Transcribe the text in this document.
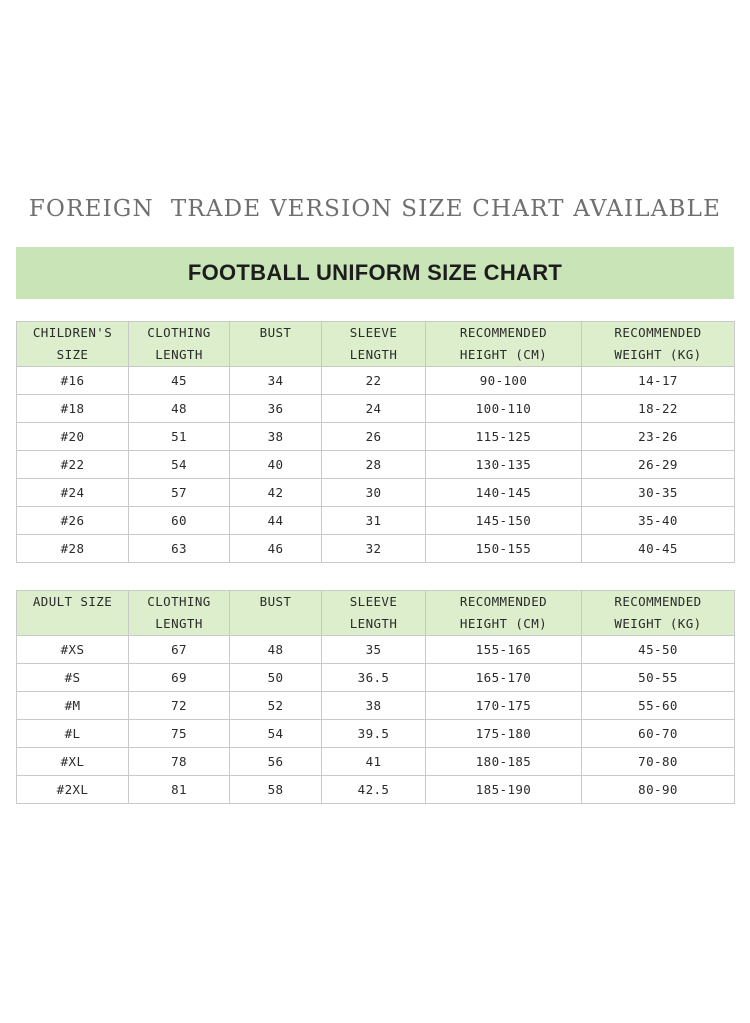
FOREIGN  TRADE VERSION SIZE CHART AVAILABLE
FOOTBALL UNIFORM SIZE CHART
CHILDREN'S	CLOTHING	BUST	SLEEVE	RECOMMENDED	RECOMMENDED
SIZE	LENGTH		LENGTH	HEIGHT (CM)	WEIGHT (KG)
#16	45	34	22	90-100	14-17
#18	48	36	24	100-110	18-22
#20	51	38	26	115-125	23-26
#22	54	40	28	130-135	26-29
#24	57	42	30	140-145	30-35
#26	60	44	31	145-150	35-40
#28	63	46	32	150-155	40-45
ADULT SIZE	CLOTHING	BUST	SLEEVE	RECOMMENDED	RECOMMENDED
	LENGTH		LENGTH	HEIGHT (CM)	WEIGHT (KG)
#XS	67	48	35	155-165	45-50
#S	69	50	36.5	165-170	50-55
#M	72	52	38	170-175	55-60
#L	75	54	39.5	175-180	60-70
#XL	78	56	41	180-185	70-80
#2XL	81	58	42.5	185-190	80-90
